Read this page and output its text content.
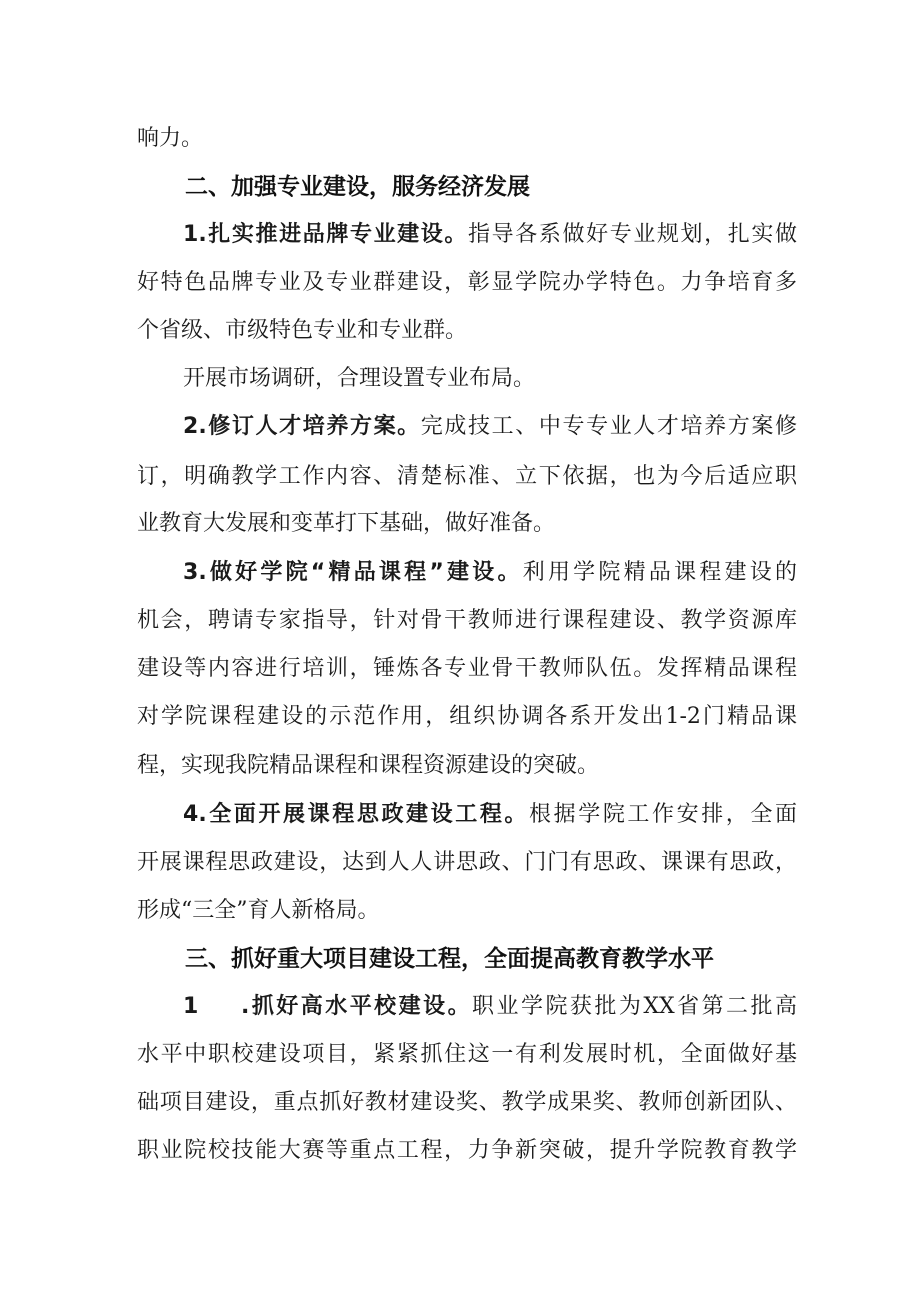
响力。
二、加强专业建设，服务经济发展
1.扎实推进品牌专业建设。指导各系做好专业规划，扎实做
好特色品牌专业及专业群建设，彰显学院办学特色。力争培育多
个省级、市级特色专业和专业群。
开展市场调研，合理设置专业布局。
2.修订人才培养方案。完成技工、中专专业人才培养方案修
订，明确教学工作内容、清楚标准、立下依据，也为今后适应职
业教育大发展和变革打下基础，做好准备。
3.做好学院“精品课程”建设。利用学院精品课程建设的
机会，聘请专家指导，针对骨干教师进行课程建设、教学资源库
建设等内容进行培训，锤炼各专业骨干教师队伍。发挥精品课程
对学院课程建设的示范作用，组织协调各系开发出1-2门精品课
程，实现我院精品课程和课程资源建设的突破。
4.全面开展课程思政建设工程。根据学院工作安排，全面
开展课程思政建设，达到人人讲思政、门门有思政、课课有思政，
形成“三全”育人新格局。
三、抓好重大项目建设工程，全面提高教育教学水平
1 .抓好高水平校建设。职业学院获批为XX省第二批高
水平中职校建设项目，紧紧抓住这一有利发展时机，全面做好基
础项目建设，重点抓好教材建设奖、教学成果奖、教师创新团队、
职业院校技能大赛等重点工程，力争新突破，提升学院教育教学
